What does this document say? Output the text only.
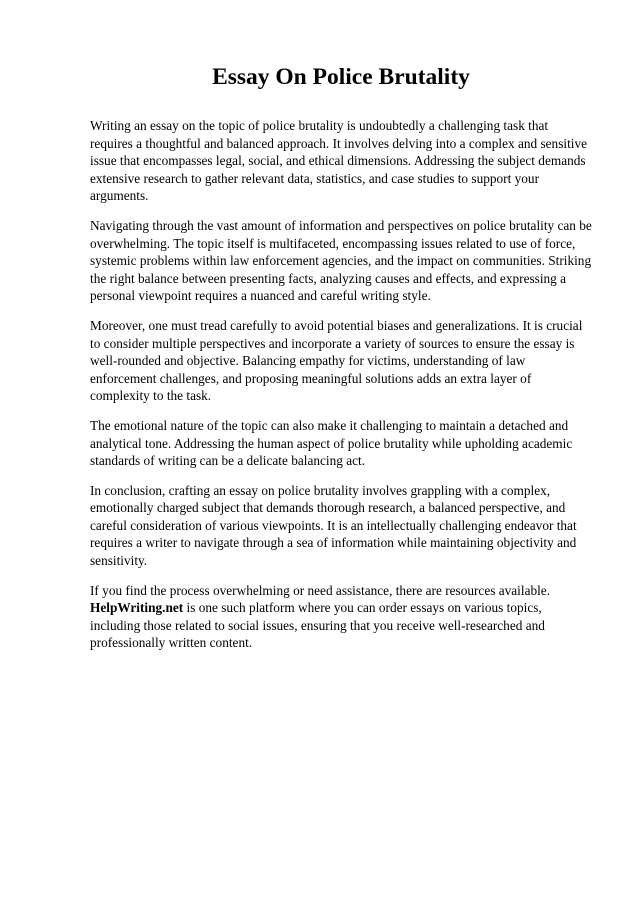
Essay On Police Brutality

Writing an essay on the topic of police brutality is undoubtedly a challenging task that requires a thoughtful and balanced approach. It involves delving into a complex and sensitive issue that encompasses legal, social, and ethical dimensions. Addressing the subject demands extensive research to gather relevant data, statistics, and case studies to support your arguments.

Navigating through the vast amount of information and perspectives on police brutality can be overwhelming. The topic itself is multifaceted, encompassing issues related to use of force, systemic problems within law enforcement agencies, and the impact on communities. Striking the right balance between presenting facts, analyzing causes and effects, and expressing a personal viewpoint requires a nuanced and careful writing style.

Moreover, one must tread carefully to avoid potential biases and generalizations. It is crucial to consider multiple perspectives and incorporate a variety of sources to ensure the essay is well-rounded and objective. Balancing empathy for victims, understanding of law enforcement challenges, and proposing meaningful solutions adds an extra layer of complexity to the task.

The emotional nature of the topic can also make it challenging to maintain a detached and analytical tone. Addressing the human aspect of police brutality while upholding academic standards of writing can be a delicate balancing act.

In conclusion, crafting an essay on police brutality involves grappling with a complex, emotionally charged subject that demands thorough research, a balanced perspective, and careful consideration of various viewpoints. It is an intellectually challenging endeavor that requires a writer to navigate through a sea of information while maintaining objectivity and sensitivity.

If you find the process overwhelming or need assistance, there are resources available.
HelpWriting.net is one such platform where you can order essays on various topics, including those related to social issues, ensuring that you receive well-researched and professionally written content.
